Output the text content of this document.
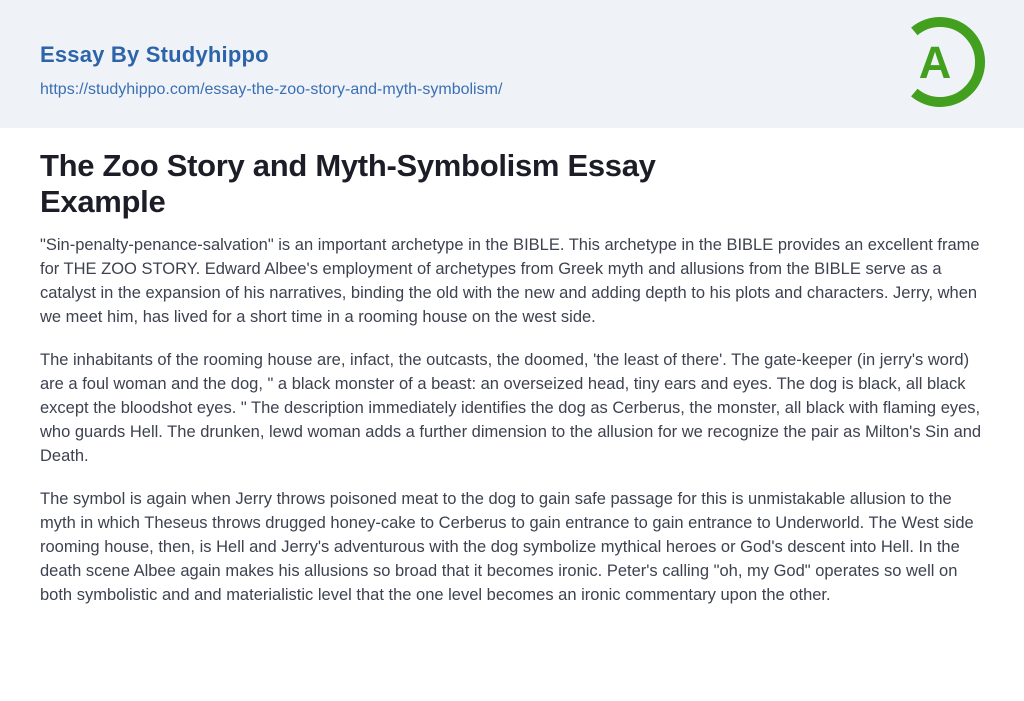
Essay By Studyhippo
https://studyhippo.com/essay-the-zoo-story-and-myth-symbolism/
A
The Zoo Story and Myth-Symbolism Essay Example

"Sin-penalty-penance-salvation" is an important archetype in the BIBLE. This archetype in the BIBLE provides an excellent frame for THE ZOO STORY. Edward Albee's employment of archetypes from Greek myth and allusions from the BIBLE serve as a catalyst in the expansion of his narratives, binding the old with the new and adding depth to his plots and characters. Jerry, when we meet him, has lived for a short time in a rooming house on the west side.

The inhabitants of the rooming house are, infact, the outcasts, the doomed, 'the least of there'. The gate-keeper (in jerry's word) are a foul woman and the dog, " a black monster of a beast: an overseized head, tiny ears and eyes. The dog is black, all black except the bloodshot eyes. " The description immediately identifies the dog as Cerberus, the monster, all black with flaming eyes, who guards Hell. The drunken, lewd woman adds a further dimension to the allusion for we recognize the pair as Milton's Sin and Death.

The symbol is again when Jerry throws poisoned meat to the dog to gain safe passage for this is unmistakable allusion to the myth in which Theseus throws drugged honey-cake to Cerberus to gain entrance to gain entrance to Underworld. The West side rooming house, then, is Hell and Jerry's adventurous with the dog symbolize mythical heroes or God's descent into Hell. In the death scene Albee again makes his allusions so broad that it becomes ironic. Peter's calling "oh, my God" operates so well on both symbolistic and and materialistic level that the one level becomes an ironic commentary upon the other.
